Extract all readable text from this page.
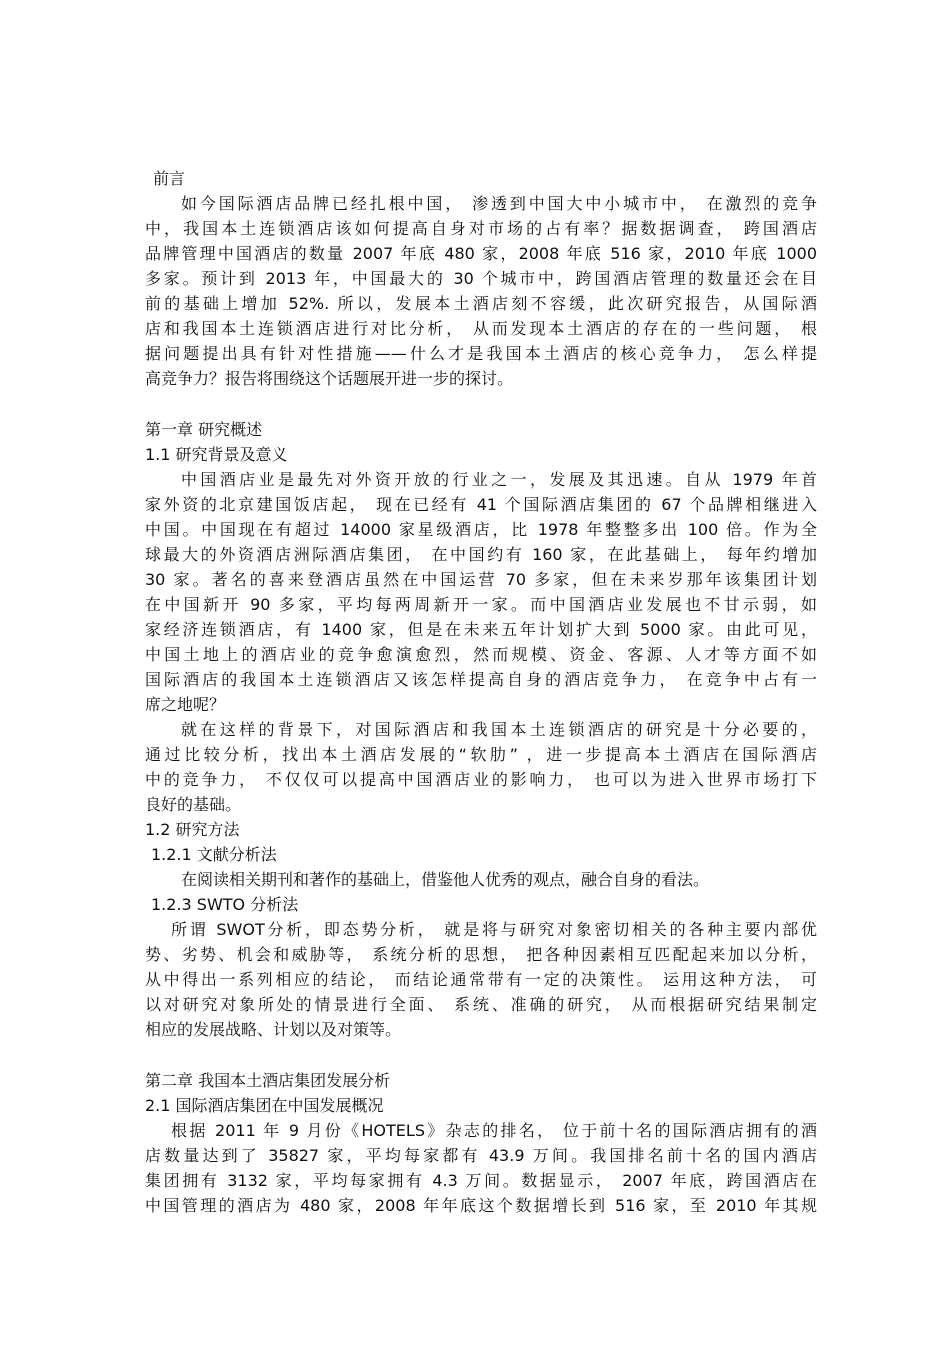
前言
如今国际酒店品牌已经扎根中国， 渗透到中国大中小城市中， 在激烈的竞争
中，我国本土连锁酒店该如何提高自身对市场的占有率？据数据调查， 跨国酒店
品牌管理中国酒店的数量 2007 年底 480 家，2008 年底 516 家，2010 年底 1000
多家。预计到 2013 年，中国最大的 30 个城市中，跨国酒店管理的数量还会在目
前的基础上增加 52%. 所以，发展本土酒店刻不容缓，此次研究报告，从国际酒
店和我国本土连锁酒店进行对比分析， 从而发现本土酒店的存在的一些问题， 根
据问题提出具有针对性措施——什么才是我国本土酒店的核心竞争力， 怎么样提
高竞争力？报告将围绕这个话题展开进一步的探讨。
第一章 研究概述
1.1 研究背景及意义
中国酒店业是最先对外资开放的行业之一，发展及其迅速。自从 1979 年首
家外资的北京建国饭店起， 现在已经有 41 个国际酒店集团的 67 个品牌相继进入
中国。中国现在有超过 14000 家星级酒店，比 1978 年整整多出 100 倍。作为全
球最大的外资酒店洲际酒店集团， 在中国约有 160 家，在此基础上， 每年约增加
30 家。著名的喜来登酒店虽然在中国运营 70 多家，但在未来岁那年该集团计划
在中国新开 90 多家，平均每两周新开一家。而中国酒店业发展也不甘示弱，如
家经济连锁酒店，有 1400 家，但是在未来五年计划扩大到 5000 家。由此可见，
中国土地上的酒店业的竞争愈演愈烈，然而规模、资金、客源、人才等方面不如
国际酒店的我国本土连锁酒店又该怎样提高自身的酒店竞争力， 在竞争中占有一
席之地呢？
就在这样的背景下，对国际酒店和我国本土连锁酒店的研究是十分必要的，
通过比较分析，找出本土酒店发展的“软肋” ，进一步提高本土酒店在国际酒店
中的竞争力， 不仅仅可以提高中国酒店业的影响力， 也可以为进入世界市场打下
良好的基础。
1.2 研究方法
1.2.1 文献分析法
在阅读相关期刊和著作的基础上，借鉴他人优秀的观点，融合自身的看法。
1.2.3 SWTO 分析法
所谓 SWOT分析，即态势分析， 就是将与研究对象密切相关的各种主要内部优
势、劣势、机会和威胁等， 系统分析的思想， 把各种因素相互匹配起来加以分析，
从中得出一系列相应的结论， 而结论通常带有一定的决策性。 运用这种方法， 可
以对研究对象所处的情景进行全面、 系统、准确的研究， 从而根据研究结果制定
相应的发展战略、计划以及对策等。
第二章 我国本土酒店集团发展分析
2.1 国际酒店集团在中国发展概况
根据 2011 年 9 月份《HOTELS》杂志的排名， 位于前十名的国际酒店拥有的酒
店数量达到了 35827 家，平均每家都有 43.9 万间。我国排名前十名的国内酒店
集团拥有 3132 家，平均每家拥有 4.3 万间。数据显示， 2007 年底，跨国酒店在
中国管理的酒店为 480 家，2008 年年底这个数据增长到 516 家，至 2010 年其规
